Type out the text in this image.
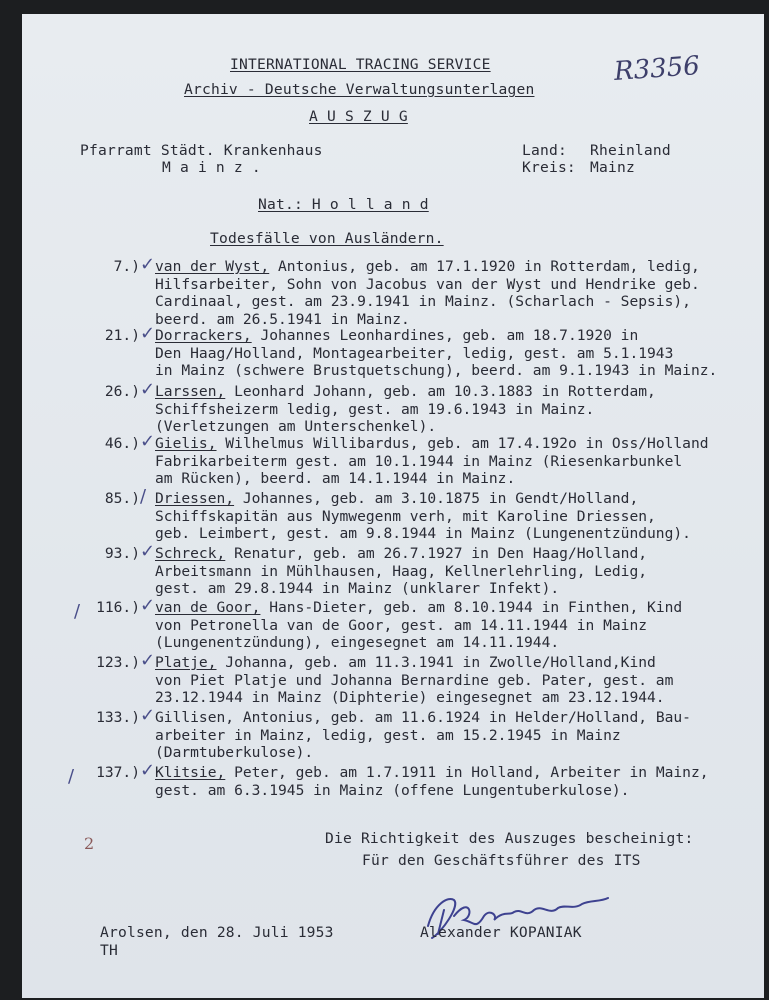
INTERNATIONAL TRACING SERVICE
Archiv - Deutsche Verwaltungsunterlagen
A U S Z U G
R3356
Pfarramt Städt. Krankenhaus
M a i n z .
Land: Rheinland
Kreis: Mainz
Nat.: H o l l a n d
Todesfälle von Ausländern.
7.) ✓ van der Wyst, Antonius, geb. am 17.1.1920 in Rotterdam, ledig,
Hilfsarbeiter, Sohn von Jacobus van der Wyst und Hendrike geb.
Cardinaal, gest. am 23.9.1941 in Mainz. (Scharlach - Sepsis),
beerd. am 26.5.1941 in Mainz.
21.) ✓ Dorrackers, Johannes Leonhardines, geb. am 18.7.1920 in
Den Haag/Holland, Montagearbeiter, ledig, gest. am 5.1.1943
in Mainz (schwere Brustquetschung), beerd. am 9.1.1943 in Mainz.
26.) ✓ Larssen, Leonhard Johann, geb. am 10.3.1883 in Rotterdam,
Schiffsheizerm ledig, gest. am 19.6.1943 in Mainz.
(Verletzungen am Unterschenkel).
46.) ✓ Gielis, Wilhelmus Willibardus, geb. am 17.4.192o in Oss/Holland
Fabrikarbeiterm gest. am 10.1.1944 in Mainz (Riesenkarbunkel
am Rücken), beerd. am 14.1.1944 in Mainz.
85.) / Driessen, Johannes, geb. am 3.10.1875 in Gendt/Holland,
Schiffskapitän aus Nymwegenm verh, mit Karoline Driessen,
geb. Leimbert, gest. am 9.8.1944 in Mainz (Lungenentzündung).
93.) ✓ Schreck, Renatur, geb. am 26.7.1927 in Den Haag/Holland,
Arbeitsmann in Mühlhausen, Haag, Kellnerlehrling, Ledig,
gest. am 29.8.1944 in Mainz (unklarer Infekt).
/	116.) ✓ van de Goor, Hans-Dieter, geb. am 8.10.1944 in Finthen, Kind
von Petronella van de Goor, gest. am 14.11.1944 in Mainz
(Lungenentzündung), eingesegnet am 14.11.1944.
123.) ✓ Platje, Johanna, geb. am 11.3.1941 in Zwolle/Holland,Kind
von Piet Platje und Johanna Bernardine geb. Pater, gest. am
23.12.1944 in Mainz (Diphterie) eingesegnet am 23.12.1944.
133.) ✓ Gillisen, Antonius, geb. am 11.6.1924 in Helder/Holland, Bau-
arbeiter in Mainz, ledig, gest. am 15.2.1945 in Mainz
(Darmtuberkulose).
/	137.) ✓ Klitsie, Peter, geb. am 1.7.1911 in Holland, Arbeiter in Mainz,
gest. am 6.3.1945 in Mainz (offene Lungentuberkulose).
2	Die Richtigkeit des Auszuges bescheinigt:
Für den Geschäftsführer des ITS
Arolsen, den 28. Juli 1953
TH
Alexander KOPANIAK
